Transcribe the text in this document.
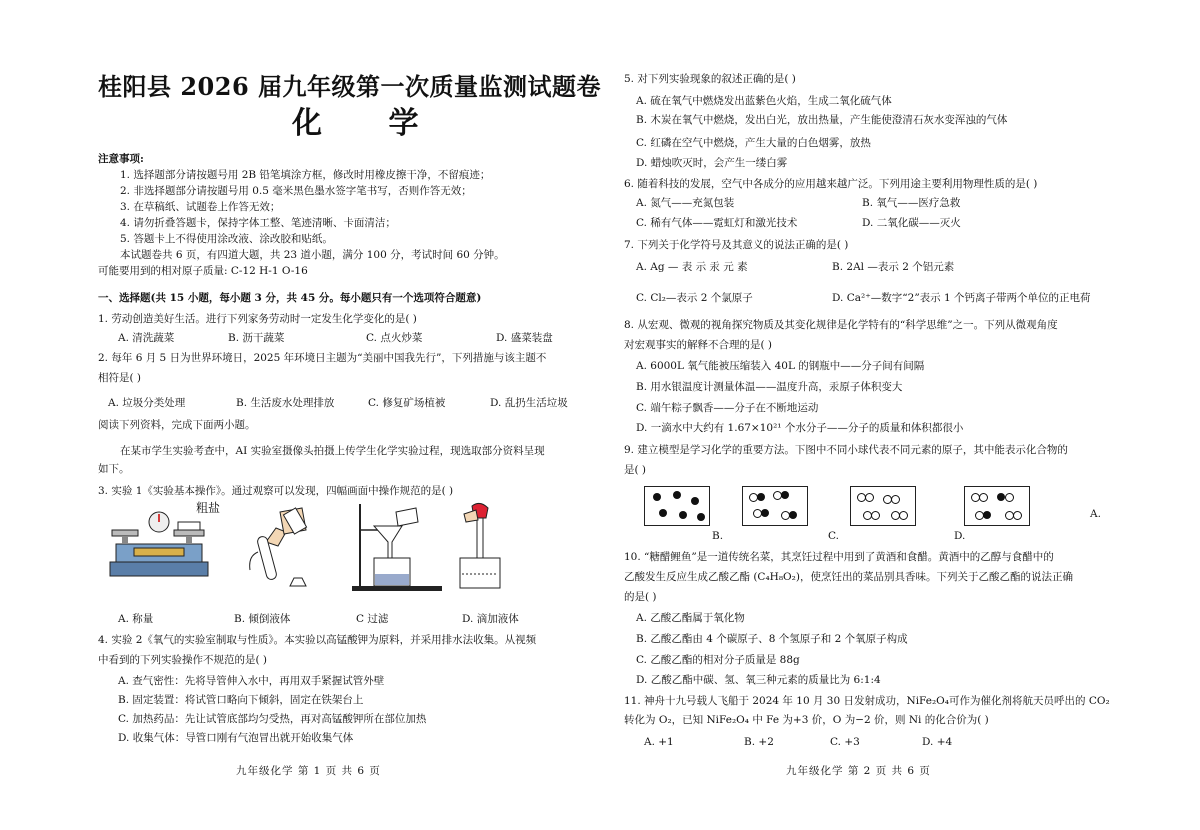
桂阳县 2026 届九年级第一次质量监测试题卷
化 学
注意事项:
1. 选择题部分请按题号用 2B 铅笔填涂方框，修改时用橡皮擦干净，不留痕迹；
2. 非选择题部分请按题号用 0.5 毫米黑色墨水签字笔书写，否则作答无效；
3. 在草稿纸、试题卷上作答无效；
4. 请勿折叠答题卡，保持字体工整、笔迹清晰、卡面清洁；
5. 答题卡上不得使用涂改液、涂改胶和贴纸。
本试题卷共 6 页，有四道大题，共 23 道小题，满分 100 分，考试时间 60 分钟。
可能要用到的相对原子质量: C-12 H-1 O-16
一、选择题(共 15 小题，每小题 3 分，共 45 分。每小题只有一个选项符合题意)
1. 劳动创造美好生活。进行下列家务劳动时一定发生化学变化的是( )
A. 清洗蔬菜	B. 沥干蔬菜	C. 点火炒菜	D. 盛菜装盘
2. 每年 6 月 5 日为世界环境日，2025 年环境日主题为“美丽中国我先行”，下列措施与该主题不
相符是( )
A. 垃圾分类处理	B. 生活废水处理排放	C. 修复矿场植被	D. 乱扔生活垃圾
阅读下列资料，完成下面两小题。
在某市学生实验考查中，AI 实验室摄像头拍摄上传学生化学实验过程，现选取部分资料呈现
如下。
3. 实验 1《实验基本操作》。通过观察可以发现，四幅画面中操作规范的是( )
粗盐
A. 称量	B. 倾倒液体	C 过滤	D. 滴加液体
4. 实验 2《氧气的实验室制取与性质》。本实验以高锰酸钾为原料，并采用排水法收集。从视频
中看到的下列实验操作不规范的是( )
A. 查气密性：先将导管伸入水中，再用双手紧握试管外壁
B. 固定装置：将试管口略向下倾斜，固定在铁架台上
C. 加热药品：先让试管底部均匀受热，再对高锰酸钾所在部位加热
D. 收集气体：导管口刚有气泡冒出就开始收集气体
九年级化学 第 1 页 共 6 页
5. 对下列实验现象的叙述正确的是( )
A. 硫在氧气中燃烧发出蓝紫色火焰，生成二氧化硫气体
B. 木炭在氧气中燃烧，发出白光，放出热量，产生能使澄清石灰水变浑浊的气体
C. 红磷在空气中燃烧，产生大量的白色烟雾，放热
D. 蜡烛吹灭时，会产生一缕白雾
6. 随着科技的发展，空气中各成分的应用越来越广泛。下列用途主要利用物理性质的是( )
A. 氮气——充氮包装	B. 氧气——医疗急救
C. 稀有气体——霓虹灯和激光技术	D. 二氧化碳——灭火
7. 下列关于化学符号及其意义的说法正确的是( )
A. Ag — 表 示 汞 元 素	B. 2Al —表示 2 个铝元素
C. Cl₂—表示 2 个氯原子	D. Ca²⁺—数字“2”表示 1 个钙离子带两个单位的正电荷
8. 从宏观、微观的视角探究物质及其变化规律是化学特有的“科学思维”之一。下列从微观角度
对宏观事实的解释不合理的是( )
A. 6000L 氧气能被压缩装入 40L 的钢瓶中——分子间有间隔
B. 用水银温度计测量体温——温度升高，汞原子体积变大
C. 端午粽子飘香——分子在不断地运动
D. 一滴水中大约有 1.67×10²¹ 个水分子——分子的质量和体积都很小
9. 建立模型是学习化学的重要方法。下图中不同小球代表不同元素的原子，其中能表示化合物的
是( )
B.	C.	D.
A.
10. “糖醋鲤鱼”是一道传统名菜，其烹饪过程中用到了黄酒和食醋。黄酒中的乙醇与食醋中的
乙酸发生反应生成乙酸乙酯 (C₄H₈O₂)，使烹饪出的菜品别具香味。下列关于乙酸乙酯的说法正确
的是( )
A. 乙酸乙酯属于氧化物
B. 乙酸乙酯由 4 个碳原子、8 个氢原子和 2 个氧原子构成
C. 乙酸乙酯的相对分子质量是 88g
D. 乙酸乙酯中碳、氢、氧三种元素的质量比为 6:1:4
11. 神舟十九号载人飞船于 2024 年 10 月 30 日发射成功，NiFe₂O₄可作为催化剂将航天员呼出的 CO₂
转化为 O₂，已知 NiFe₂O₄ 中 Fe 为+3 价，O 为−2 价，则 Ni 的化合价为( )
A. +1	B. +2	C. +3	D. +4
九年级化学 第 2 页 共 6 页
